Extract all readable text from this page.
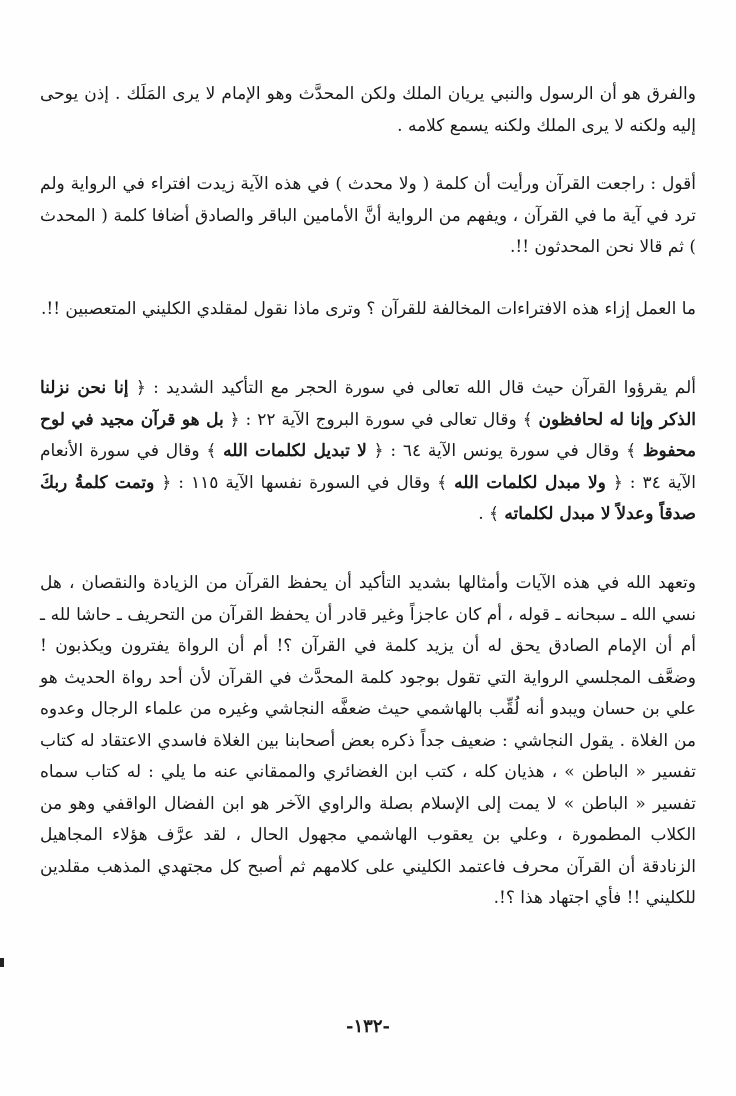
والفرق هو أن الرسول والنبي يريان الملك ولكن المحدَّث وهو الإمام لا يرى المَلَك . إذن يوحى إليه ولكنه لا يرى الملك ولكنه يسمع كلامه .

أقول : راجعت القرآن ورأيت أن كلمة ( ولا محدث ) في هذه الآية زيدت افتراء في الرواية ولم ترد في آية ما في القرآن ، ويفهم من الرواية أنَّ الأمامين الباقر والصادق أضافا كلمة ( المحدث ) ثم قالا نحن المحدثون !!.

ما العمل إزاء هذه الافتراءات المخالفة للقرآن ؟ وترى ماذا نقول لمقلدي الكليني المتعصبين !!.

ألم يقرؤوا القرآن حيث قال الله تعالى في سورة الحجر مع التأكيد الشديد : ﴿ إنا نحن نزلنا الذكر وإنا له لحافظون ﴾ وقال تعالى في سورة البروج الآية ٢٢ : ﴿ بل هو قرآن مجيد في لوح محفوظ ﴾ وقال في سورة يونس الآية ٦٤ : ﴿ لا تبديل لكلمات الله ﴾ وقال في سورة الأنعام الآية ٣٤ : ﴿ ولا مبدل لكلمات الله ﴾ وقال في السورة نفسها الآية ١١٥ : ﴿ وتمت كلمةُ ربكَ صدقاً وعدلاً لا مبدل لكلماته ﴾ .

وتعهد الله في هذه الآيات وأمثالها بشديد التأكيد أن يحفظ القرآن من الزيادة والنقصان ، هل نسي الله ـ سبحانه ـ قوله ، أم كان عاجزاً وغير قادر أن يحفظ القرآن من التحريف ـ حاشا لله ـ أم أن الإمام الصادق يحق له أن يزيد كلمة في القرآن ؟! أم أن الرواة يفترون ويكذبون ! وضعَّف المجلسي الرواية التي تقول بوجود كلمة المحدَّث في القرآن لأن أحد رواة الحديث هو علي بن حسان ويبدو أنه لُقِّب بالهاشمي حيث ضعفَّه النجاشي وغيره من علماء الرجال وعدوه من الغلاة . يقول النجاشي : ضعيف جداً ذكره بعض أصحابنا بين الغلاة فاسدي الاعتقاد له كتاب تفسير « الباطن » ، هذيان كله ، كتب ابن الغضائري والممقاني عنه ما يلي : له كتاب سماه تفسير « الباطن » لا يمت إلى الإسلام بصلة والراوي الآخر هو ابن الفضال الواقفي وهو من الكلاب المطمورة ، وعلي بن يعقوب الهاشمي مجهول الحال ، لقد عرَّف هؤلاء المجاهيل الزنادقة أن القرآن محرف فاعتمد الكليني على كلامهم ثم أصبح كل مجتهدي المذهب مقلدين للكليني !! فأي اجتهاد هذا ؟!.

-١٣٢-
